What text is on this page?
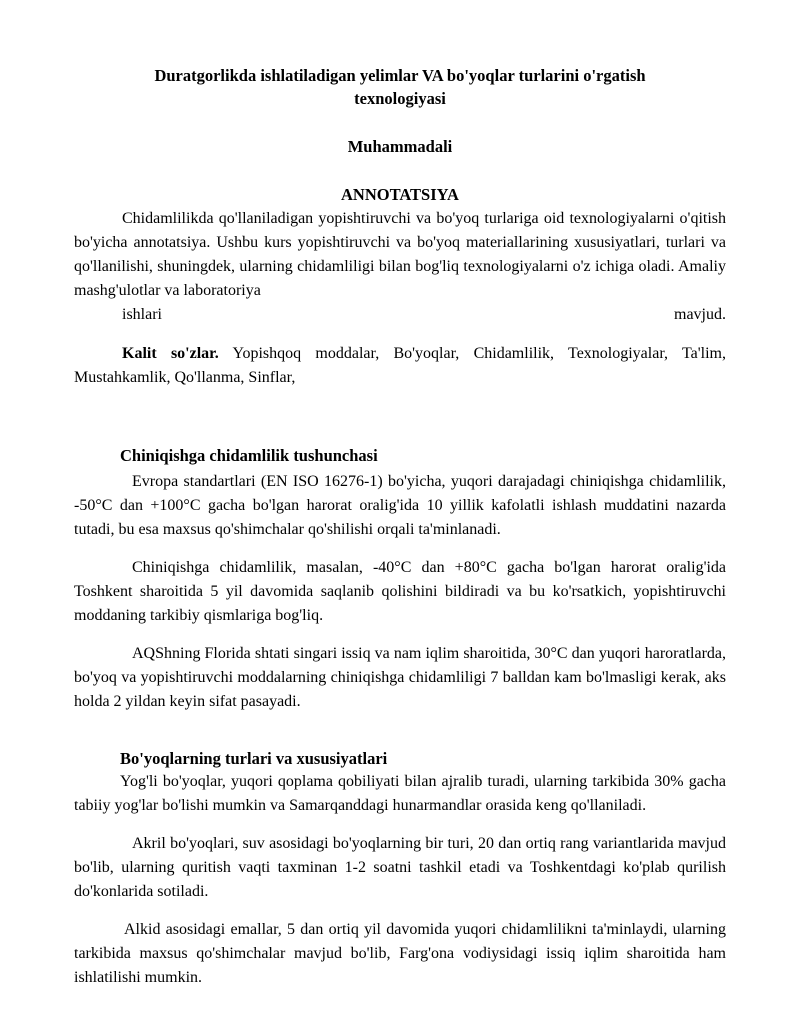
Duratgorlikda ishlatiladigan yelimlar VA bo'yoqlar turlarini o'rgatish texnologiyasi
Muhammadali
ANNOTATSIYA

Chidamlilikda qo'llaniladigan yopishtiruvchi va bo'yoq turlariga oid texnologiyalarni o'qitish bo'yicha annotatsiya. Ushbu kurs yopishtiruvchi va bo'yoq materiallarining xususiyatlari, turlari va qo'llanilishi, shuningdek, ularning chidamliligi bilan bog'liq texnologiyalarni o'z ichiga oladi. Amaliy mashg'ulotlar va laboratoriya

ishlari	mavjud.

Kalit so'zlar. Yopishqoq moddalar, Bo'yoqlar, Chidamlilik, Texnologiyalar, Ta'lim, Mustahkamlik, Qo'llanma, Sinflar,

Chiniqishga chidamlilik tushunchasi

Evropa standartlari (EN ISO 16276-1) bo'yicha, yuqori darajadagi chiniqishga chidamlilik, -50°C dan +100°C gacha bo'lgan harorat oralig'ida 10 yillik kafolatli ishlash muddatini nazarda tutadi, bu esa maxsus qo'shimchalar qo'shilishi orqali ta'minlanadi.

Chiniqishga chidamlilik, masalan, -40°C dan +80°C gacha bo'lgan harorat oralig'ida Toshkent sharoitida 5 yil davomida saqlanib qolishini bildiradi va bu ko'rsatkich, yopishtiruvchi moddaning tarkibiy qismlariga bog'liq.

AQShning Florida shtati singari issiq va nam iqlim sharoitida, 30°C dan yuqori haroratlarda, bo'yoq va yopishtiruvchi moddalarning chiniqishga chidamliligi 7 balldan kam bo'lmasligi kerak, aks holda 2 yildan keyin sifat pasayadi.

Bo'yoqlarning turlari va xususiyatlari

Yog'li bo'yoqlar, yuqori qoplama qobiliyati bilan ajralib turadi, ularning tarkibida 30% gacha tabiiy yog'lar bo'lishi mumkin va Samarqanddagi hunarmandlar orasida keng qo'llaniladi.

Akril bo'yoqlari, suv asosidagi bo'yoqlarning bir turi, 20 dan ortiq rang variantlarida mavjud bo'lib, ularning quritish vaqti taxminan 1-2 soatni tashkil etadi va Toshkentdagi ko'plab qurilish do'konlarida sotiladi.

Alkid asosidagi emallar, 5 dan ortiq yil davomida yuqori chidamlilikni ta'minlaydi, ularning tarkibida maxsus qo'shimchalar mavjud bo'lib, Farg'ona vodiysidagi issiq iqlim sharoitida ham ishlatilishi mumkin.
